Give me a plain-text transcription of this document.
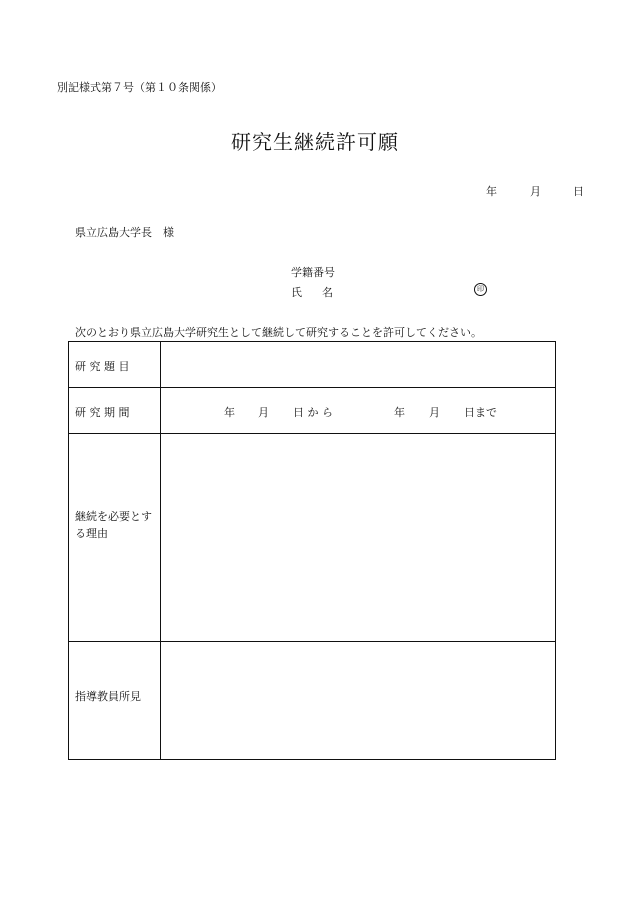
別記様式第７号（第１０条関係）
研究生継続許可願
年	月	日
県立広島大学長　様
学籍番号
氏 名	印
次のとおり県立広島大学研究生として継続して研究することを許可してください。
研 究 題 目
研 究 期 間	年 月 日 か ら	年 月 日まで
継続を必要とする理由
指導教員所見
